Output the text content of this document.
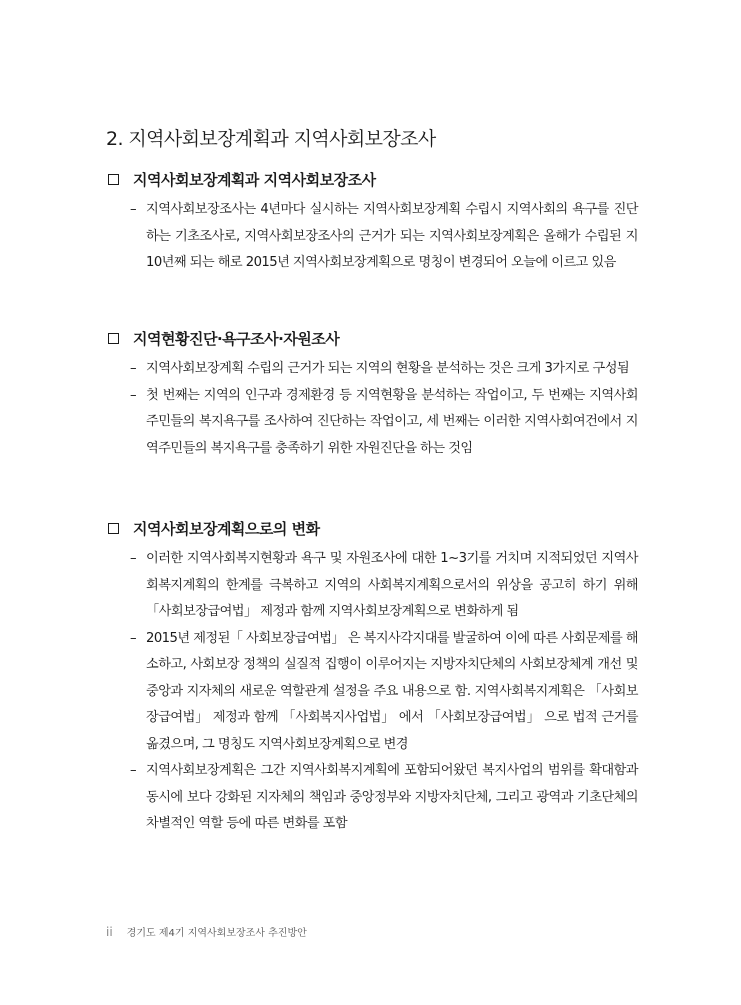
2. 지역사회보장계획과 지역사회보장조사
지역사회보장계획과 지역사회보장조사

– 지역사회보장조사는 4년마다 실시하는 지역사회보장계획 수립시 지역사회의 욕구를 진단하는 기초조사로, 지역사회보장조사의 근거가 되는 지역사회보장계획은 올해가 수립된 지 10년째 되는 해로 2015년 지역사회보장계획으로 명칭이 변경되어 오늘에 이르고 있음

지역현황진단·욕구조사·자원조사

– 지역사회보장계획 수립의 근거가 되는 지역의 현황을 분석하는 것은 크게 3가지로 구성됨

– 첫 번째는 지역의 인구과 경제환경 등 지역현황을 분석하는 작업이고, 두 번째는 지역사회주민들의 복지욕구를 조사하여 진단하는 작업이고, 세 번째는 이러한 지역사회여건에서 지역주민들의 복지욕구를 충족하기 위한 자원진단을 하는 것임

지역사회보장계획으로의 변화

– 이러한 지역사회복지현황과 욕구 및 자원조사에 대한 1~3기를 거치며 지적되었던 지역사회복지계획의 한계를 극복하고 지역의 사회복지계획으로서의 위상을 공고히 하기 위해 「사회보장급여법」 제정과 함께 지역사회보장계획으로 변화하게 됨

– 2015년 제정된「 사회보장급여법」 은 복지사각지대를 발굴하여 이에 따른 사회문제를 해소하고, 사회보장 정책의 실질적 집행이 이루어지는 지방자치단체의 사회보장체계 개선 및 중앙과 지자체의 새로운 역할관계 설정을 주요 내용으로 함. 지역사회복지계획은 「사회보장급여법」 제정과 함께 「사회복지사업법」 에서 「사회보장급여법」 으로 법적 근거를 옮겼으며, 그 명칭도 지역사회보장계획으로 변경

– 지역사회보장계획은 그간 지역사회복지계획에 포함되어왔던 복지사업의 범위를 확대함과 동시에 보다 강화된 지자체의 책임과 중앙정부와 지방자치단체, 그리고 광역과 기초단체의 차별적인 역할 등에 따른 변화를 포함

ii 경기도 제4기 지역사회보장조사 추진방안
